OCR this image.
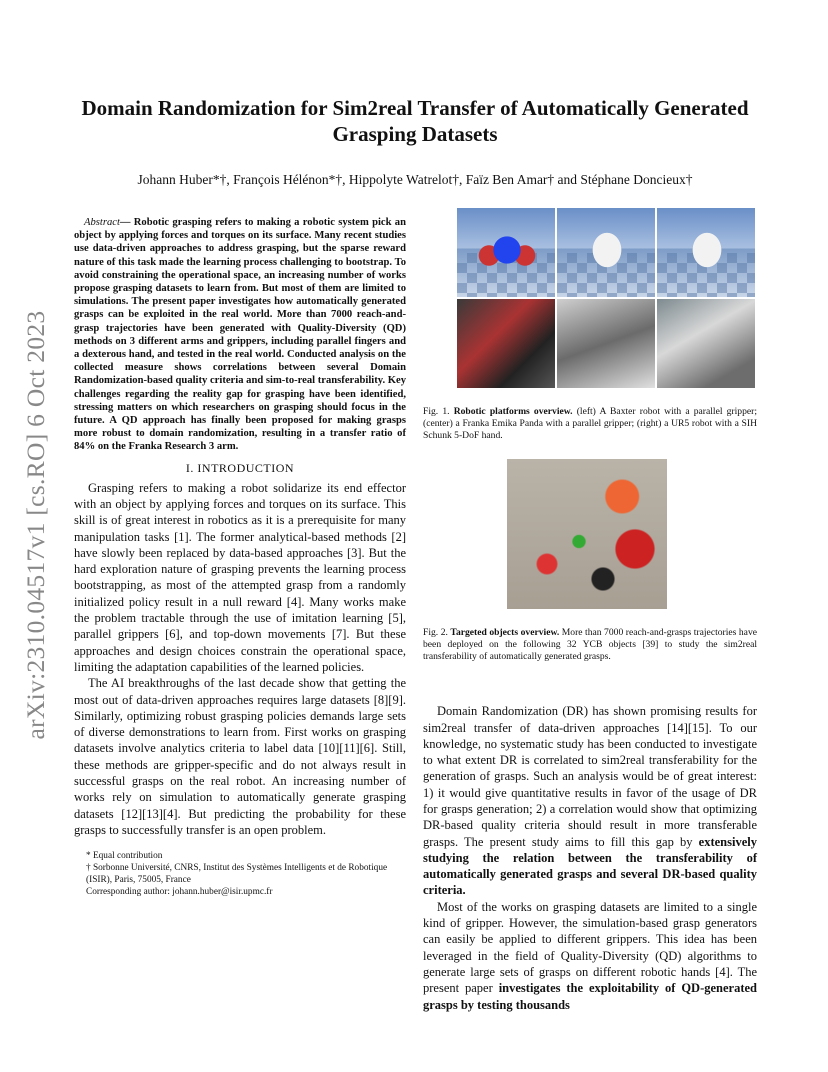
arXiv:2310.04517v1 [cs.RO] 6 Oct 2023
Domain Randomization for Sim2real Transfer of Automatically Generated Grasping Datasets
Johann Huber*†, François Hélénon*†, Hippolyte Watrelot†, Faïz Ben Amar† and Stéphane Doncieux†

Abstract— Robotic grasping refers to making a robotic system pick an object by applying forces and torques on its surface. Many recent studies use data-driven approaches to address grasping, but the sparse reward nature of this task made the learning process challenging to bootstrap. To avoid constraining the operational space, an increasing number of works propose grasping datasets to learn from. But most of them are limited to simulations. The present paper investigates how automatically generated grasps can be exploited in the real world. More than 7000 reach-and-grasp trajectories have been generated with Quality-Diversity (QD) methods on 3 different arms and grippers, including parallel fingers and a dexterous hand, and tested in the real world. Conducted analysis on the collected measure shows correlations between several Domain Randomization-based quality criteria and sim-to-real transferability. Key challenges regarding the reality gap for grasping have been identified, stressing matters on which researchers on grasping should focus in the future. A QD approach has finally been proposed for making grasps more robust to domain randomization, resulting in a transfer ratio of 84% on the Franka Research 3 arm.

I. INTRODUCTION

Grasping refers to making a robot solidarize its end effector with an object by applying forces and torques on its surface. This skill is of great interest in robotics as it is a prerequisite for many manipulation tasks [1]. The former analytical-based methods [2] have slowly been replaced by data-based approaches [3]. But the hard exploration nature of grasping prevents the learning process bootstrapping, as most of the attempted grasp from a randomly initialized policy result in a null reward [4]. Many works make the problem tractable through the use of imitation learning [5], parallel grippers [6], and top-down movements [7]. But these approaches and design choices constrain the operational space, limiting the adaptation capabilities of the learned policies.

The AI breakthroughs of the last decade show that getting the most out of data-driven approaches requires large datasets [8][9]. Similarly, optimizing robust grasping policies demands large sets of diverse demonstrations to learn from. First works on grasping datasets involve analytics criteria to label data [10][11][6]. Still, these methods are gripper-specific and do not always result in successful grasps on the real robot. An increasing number of works rely on simulation to automatically generate grasping datasets [12][13][4]. But predicting the probability for these grasps to successfully transfer is an open problem.

* Equal contribution
† Sorbonne Université, CNRS, Institut des Systèmes Intelligents et de Robotique (ISIR), Paris, 75005, France
Corresponding author: johann.huber@isir.upmc.fr

Fig. 1. Robotic platforms overview. (left) A Baxter robot with a parallel gripper; (center) a Franka Emika Panda with a parallel gripper; (right) a UR5 robot with a SIH Schunk 5-DoF hand.

Fig. 2. Targeted objects overview. More than 7000 reach-and-grasps trajectories have been deployed on the following 32 YCB objects [39] to study the sim2real transferability of automatically generated grasps.

Domain Randomization (DR) has shown promising results for sim2real transfer of data-driven approaches [14][15]. To our knowledge, no systematic study has been conducted to investigate to what extent DR is correlated to sim2real transferability for the generation of grasps. Such an analysis would be of great interest: 1) it would give quantitative results in favor of the usage of DR for grasps generation; 2) a correlation would show that optimizing DR-based quality criteria should result in more transferable grasps. The present study aims to fill this gap by extensively studying the relation between the transferability of automatically generated grasps and several DR-based quality criteria.

Most of the works on grasping datasets are limited to a single kind of gripper. However, the simulation-based grasp generators can easily be applied to different grippers. This idea has been leveraged in the field of Quality-Diversity (QD) algorithms to generate large sets of grasps on different robotic hands [4]. The present paper investigates the exploitability of QD-generated grasps by testing thousands
